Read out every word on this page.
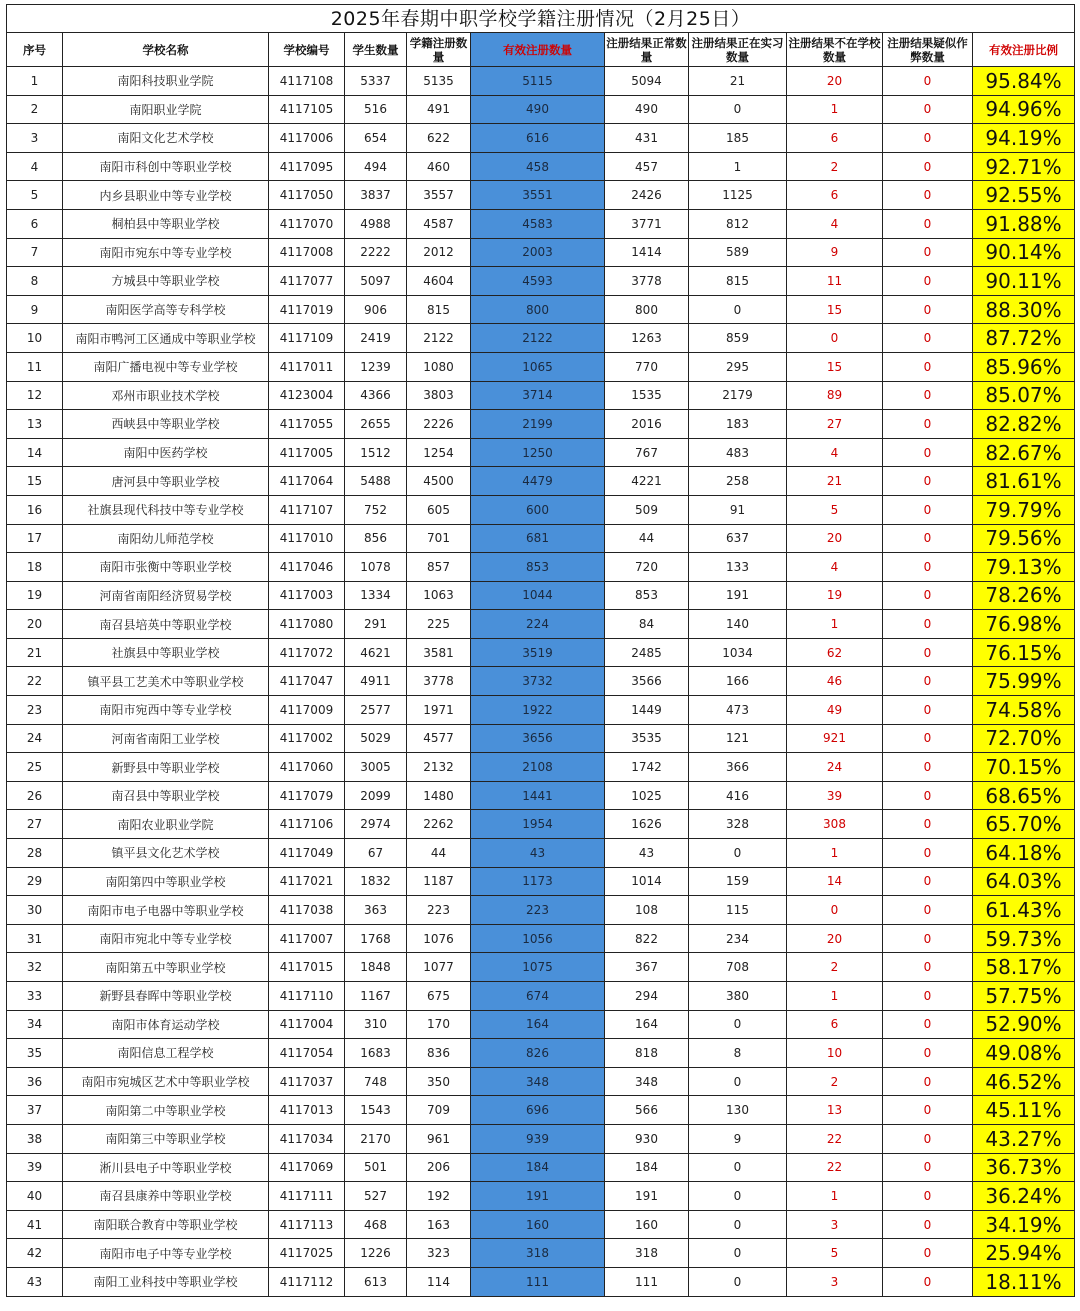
2025年春期中职学校学籍注册情况（2月25日）										
序号	学校名称	学校编号	学生数量	学籍注册数量	有效注册数量	注册结果正常数量	注册结果正在实习数量	注册结果不在学校数量	注册结果疑似作弊数量	有效注册比例
1	南阳科技职业学院	4117108	5337	5135	5115	5094	21	20	0	95.84%
2	南阳职业学院	4117105	516	491	490	490	0	1	0	94.96%
3	南阳文化艺术学校	4117006	654	622	616	431	185	6	0	94.19%
4	南阳市科创中等职业学校	4117095	494	460	458	457	1	2	0	92.71%
5	内乡县职业中等专业学校	4117050	3837	3557	3551	2426	1125	6	0	92.55%
6	桐柏县中等职业学校	4117070	4988	4587	4583	3771	812	4	0	91.88%
7	南阳市宛东中等专业学校	4117008	2222	2012	2003	1414	589	9	0	90.14%
8	方城县中等职业学校	4117077	5097	4604	4593	3778	815	11	0	90.11%
9	南阳医学高等专科学校	4117019	906	815	800	800	0	15	0	88.30%
10	南阳市鸭河工区通成中等职业学校	4117109	2419	2122	2122	1263	859	0	0	87.72%
11	南阳广播电视中等专业学校	4117011	1239	1080	1065	770	295	15	0	85.96%
12	邓州市职业技术学校	4123004	4366	3803	3714	1535	2179	89	0	85.07%
13	西峡县中等职业学校	4117055	2655	2226	2199	2016	183	27	0	82.82%
14	南阳中医药学校	4117005	1512	1254	1250	767	483	4	0	82.67%
15	唐河县中等职业学校	4117064	5488	4500	4479	4221	258	21	0	81.61%
16	社旗县现代科技中等专业学校	4117107	752	605	600	509	91	5	0	79.79%
17	南阳幼儿师范学校	4117010	856	701	681	44	637	20	0	79.56%
18	南阳市张衡中等职业学校	4117046	1078	857	853	720	133	4	0	79.13%
19	河南省南阳经济贸易学校	4117003	1334	1063	1044	853	191	19	0	78.26%
20	南召县培英中等职业学校	4117080	291	225	224	84	140	1	0	76.98%
21	社旗县中等职业学校	4117072	4621	3581	3519	2485	1034	62	0	76.15%
22	镇平县工艺美术中等职业学校	4117047	4911	3778	3732	3566	166	46	0	75.99%
23	南阳市宛西中等专业学校	4117009	2577	1971	1922	1449	473	49	0	74.58%
24	河南省南阳工业学校	4117002	5029	4577	3656	3535	121	921	0	72.70%
25	新野县中等职业学校	4117060	3005	2132	2108	1742	366	24	0	70.15%
26	南召县中等职业学校	4117079	2099	1480	1441	1025	416	39	0	68.65%
27	南阳农业职业学院	4117106	2974	2262	1954	1626	328	308	0	65.70%
28	镇平县文化艺术学校	4117049	67	44	43	43	0	1	0	64.18%
29	南阳第四中等职业学校	4117021	1832	1187	1173	1014	159	14	0	64.03%
30	南阳市电子电器中等职业学校	4117038	363	223	223	108	115	0	0	61.43%
31	南阳市宛北中等专业学校	4117007	1768	1076	1056	822	234	20	0	59.73%
32	南阳第五中等职业学校	4117015	1848	1077	1075	367	708	2	0	58.17%
33	新野县春晖中等职业学校	4117110	1167	675	674	294	380	1	0	57.75%
34	南阳市体育运动学校	4117004	310	170	164	164	0	6	0	52.90%
35	南阳信息工程学校	4117054	1683	836	826	818	8	10	0	49.08%
36	南阳市宛城区艺术中等职业学校	4117037	748	350	348	348	0	2	0	46.52%
37	南阳第二中等职业学校	4117013	1543	709	696	566	130	13	0	45.11%
38	南阳第三中等职业学校	4117034	2170	961	939	930	9	22	0	43.27%
39	淅川县电子中等职业学校	4117069	501	206	184	184	0	22	0	36.73%
40	南召县康养中等职业学校	4117111	527	192	191	191	0	1	0	36.24%
41	南阳联合教育中等职业学校	4117113	468	163	160	160	0	3	0	34.19%
42	南阳市电子中等专业学校	4117025	1226	323	318	318	0	5	0	25.94%
43	南阳工业科技中等职业学校	4117112	613	114	111	111	0	3	0	18.11%
